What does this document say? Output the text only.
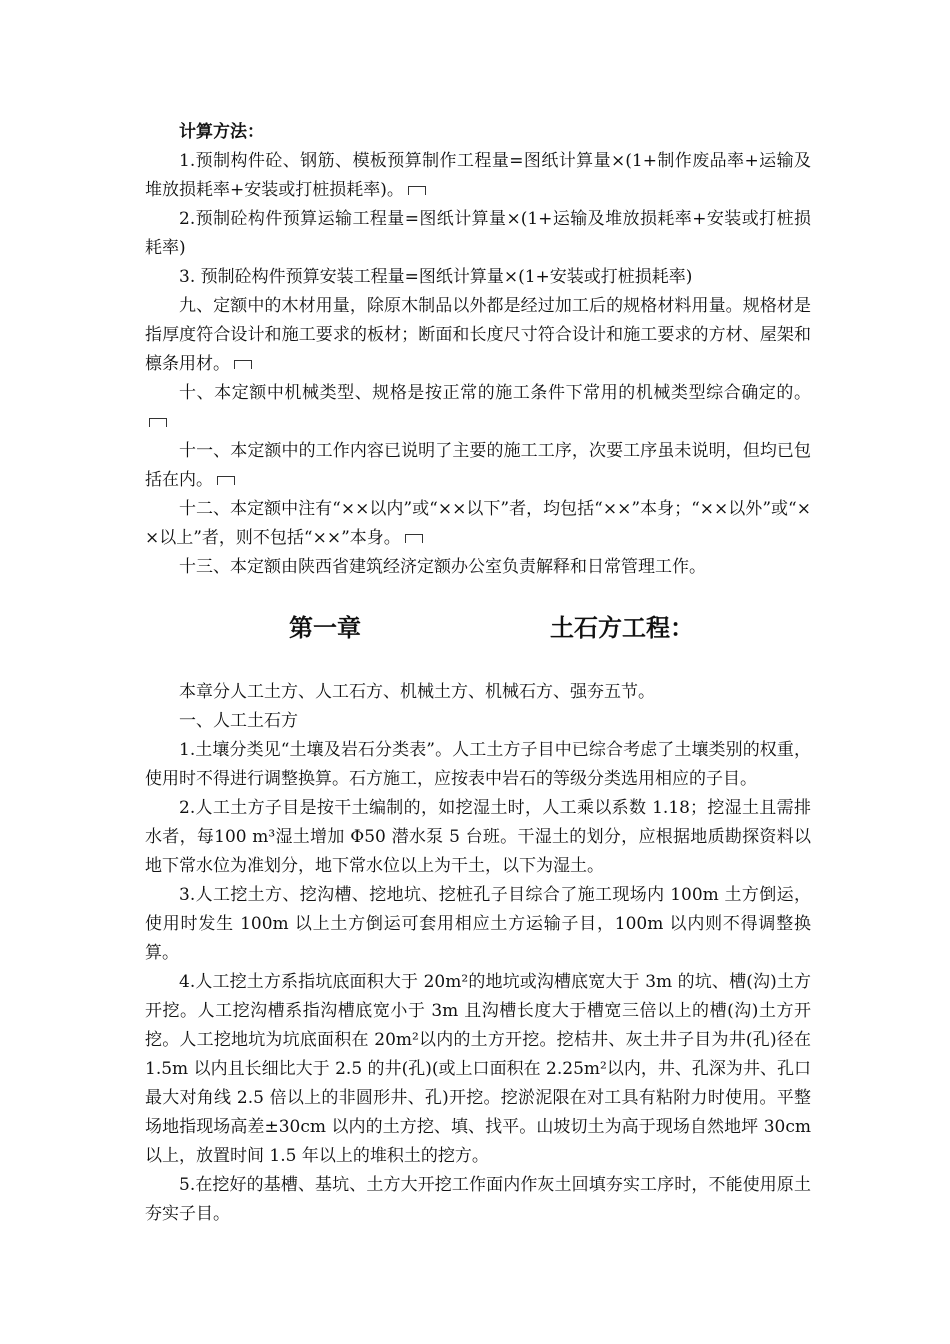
计算方法：

1.预制构件砼、钢筋、模板预算制作工程量=图纸计算量×(1+制作废品率+运输及堆放损耗率+安装或打桩损耗率)。

2.预制砼构件预算运输工程量=图纸计算量×(1+运输及堆放损耗率+安装或打桩损耗率)

3. 预制砼构件预算安装工程量=图纸计算量×(1+安装或打桩损耗率)

九、定额中的木材用量，除原木制品以外都是经过加工后的规格材料用量。规格材是指厚度符合设计和施工要求的板材；断面和长度尺寸符合设计和施工要求的方材、屋架和檩条用材。

十、本定额中机械类型、规格是按正常的施工条件下常用的机械类型综合确定的。

十一、本定额中的工作内容已说明了主要的施工工序，次要工序虽未说明，但均已包括在内。

十二、本定额中注有“××以内”或“××以下”者，均包括“××”本身；“××以外”或“××以上”者，则不包括“××”本身。

十三、本定额由陕西省建筑经济定额办公室负责解释和日常管理工作。

第一章	土石方工程：

本章分人工土方、人工石方、机械土方、机械石方、强夯五节。

一、人工土石方

1.土壤分类见“土壤及岩石分类表”。人工土方子目中已综合考虑了土壤类别的权重，使用时不得进行调整换算。石方施工，应按表中岩石的等级分类选用相应的子目。

2.人工土方子目是按干土编制的，如挖湿土时，人工乘以系数 1.18；挖湿土且需排水者，每100 m³湿土增加 Φ50 潜水泵 5 台班。干湿土的划分，应根据地质勘探资料以地下常水位为准划分，地下常水位以上为干土，以下为湿土。

3.人工挖土方、挖沟槽、挖地坑、挖桩孔子目综合了施工现场内 100m 土方倒运，使用时发生 100m 以上土方倒运可套用相应土方运输子目，100m 以内则不得调整换算。

4.人工挖土方系指坑底面积大于 20m²的地坑或沟槽底宽大于 3m 的坑、槽(沟)土方开挖。人工挖沟槽系指沟槽底宽小于 3m 且沟槽长度大于槽宽三倍以上的槽(沟)土方开挖。人工挖地坑为坑底面积在 20m²以内的土方开挖。挖桔井、灰土井子目为井(孔)径在 1.5m 以内且长细比大于 2.5 的井(孔)(或上口面积在 2.25m²以内，井、孔深为井、孔口最大对角线 2.5 倍以上的非圆形井、孔)开挖。挖淤泥限在对工具有粘附力时使用。平整场地指现场高差±30cm 以内的土方挖、填、找平。山坡切土为高于现场自然地坪 30cm 以上，放置时间 1.5 年以上的堆积土的挖方。

5.在挖好的基槽、基坑、土方大开挖工作面内作灰土回填夯实工序时，不能使用原土夯实子目。
